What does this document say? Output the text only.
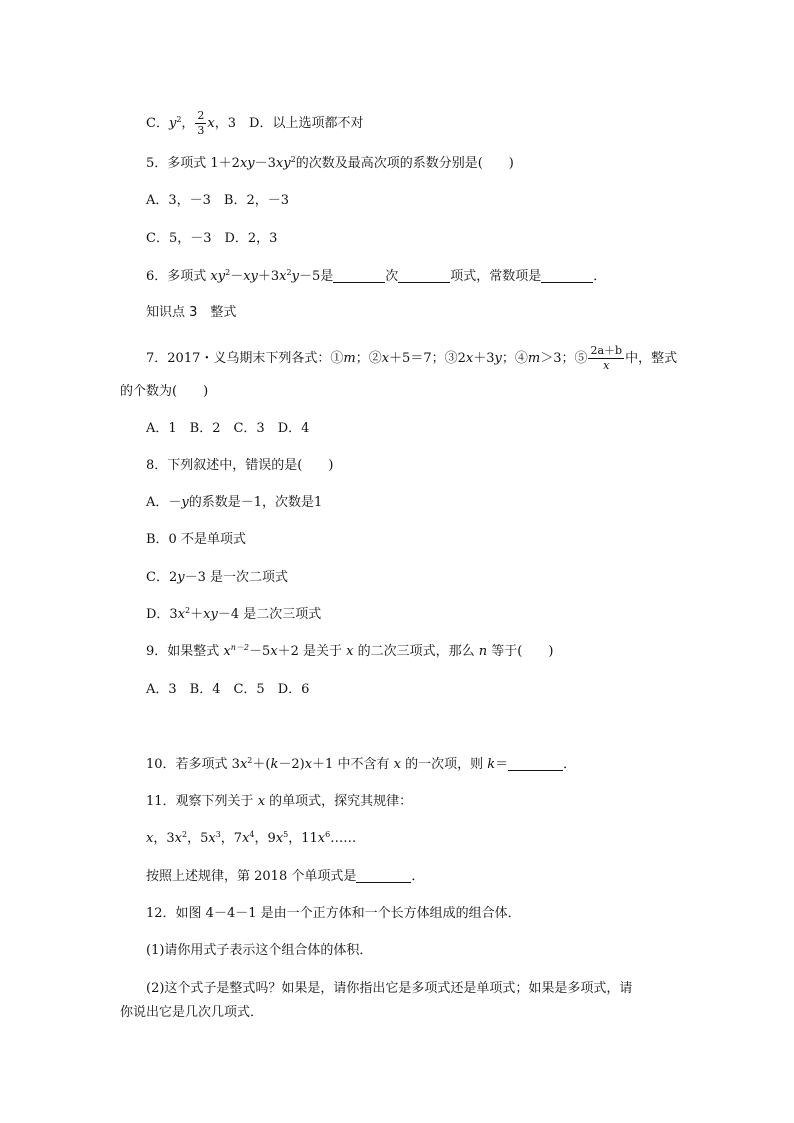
C．$y^2$， $\frac{2}{3}$ x，3　D．以上选项都不对
5．多项式 $1+2xy-3xy^2$的次数及最高次项的系数分别是(　　)
A．3，－3　B．2，－3
C．5，－3　D．2，3
6．多项式 $xy^2-xy+3x^2y-5$是	次	项式，常数项是	．
知识点 3　整式
7．2017・义乌期末下列各式：①m；②x＋5＝7；③2x＋3y；④m＞3；⑤ $\frac{2a+b}{x}$ 中，整式
的个数为(　　)
A．1　B．2　C．3　D．4
8．下列叙述中，错误的是(　　)
A．－y的系数是－1，次数是1
B．0 不是单项式
C．2y－3 是一次二项式
D．$3x^2+xy-4$ 是二次三项式
9．如果整式 $x^{n-2}-5x+2$ 是关于 x 的二次三项式，那么 n 等于(　　)
A．3　B．4　C．5　D．6
10．若多项式 $3x^2+(k-2)x+1$ 中不含有 x 的一次项，则 k＝	．
11．观察下列关于 x 的单项式，探究其规律：
x，$3x^2$，$5x^3$，$7x^4$，$9x^5$，$11x^6\dots\dots$
按照上述规律，第 2018 个单项式是	．
12．如图 4－4－1 是由一个正方体和一个长方体组成的组合体．
(1)请你用式子表示这个组合体的体积．
(2)这个式子是整式吗？如果是，请你指出它是多项式还是单项式；如果是多项式，请
你说出它是几次几项式．
